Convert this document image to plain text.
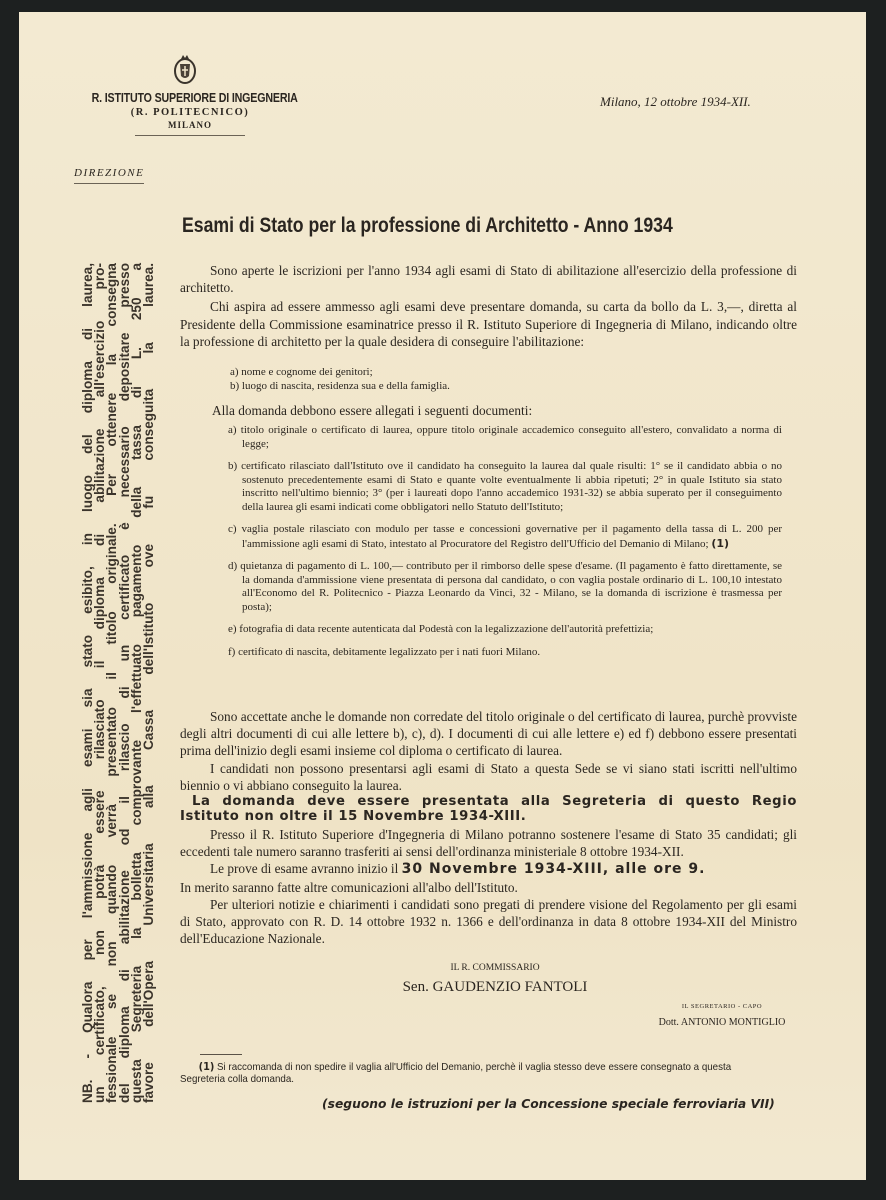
R. ISTITUTO SUPERIORE DI INGEGNERIA
(R. POLITECNICO)
MILANO
Milano, 12 ottobre 1934-XII.
DIREZIONE
Esami di Stato per la professione di Architetto - Anno 1934

Sono aperte le iscrizioni per l'anno 1934 agli esami di Stato di abilitazione all'esercizio della professione di architetto.

Chi aspira ad essere ammesso agli esami deve presentare domanda, su carta da bollo da L. 3,—, diretta al Presidente della Commissione esaminatrice presso il R. Istituto Superiore di Ingegneria di Milano, indicando oltre la professione di architetto per la quale desidera di conseguire l'abilitazione:

a) nome e cognome dei genitori;
b) luogo di nascita, residenza sua e della famiglia.
Alla domanda debbono essere allegati i seguenti documenti:
a) titolo originale o certificato di laurea, oppure titolo originale accademico conseguito all'estero, convalidato a norma di legge;
b) certificato rilasciato dall'Istituto ove il candidato ha conseguito la laurea dal quale risulti: 1° se il candidato abbia o no sostenuto precedentemente esami di Stato e quante volte eventualmente li abbia ripetuti; 2° in quale Istituto sia stato inscritto nell'ultimo biennio; 3° (per i laureati dopo l'anno accademico 1931-32) se abbia superato per il conseguimento della laurea gli esami indicati come obbligatori nello Statuto dell'Istituto;
c) vaglia postale rilasciato con modulo per tasse e concessioni governative per il pagamento della tassa di L. 200 per l'ammissione agli esami di Stato, intestato al Procuratore del Registro dell'Ufficio del Demanio di Milano; (1)
d) quietanza di pagamento di L. 100,— contributo per il rimborso delle spese d'esame. (Il pagamento è fatto direttamente, se la domanda d'ammissione viene presentata di persona dal candidato, o con vaglia postale ordinario di L. 100,10 intestato all'Economo del R. Politecnico - Piazza Leonardo da Vinci, 32 - Milano, se la domanda di iscrizione è trasmessa per posta);
e) fotografia di data recente autenticata dal Podestà con la legalizzazione dell'autorità prefettizia;
f) certificato di nascita, debitamente legalizzato per i nati fuori Milano.

Sono accettate anche le domande non corredate del titolo originale o del certificato di laurea, purchè provviste degli altri documenti di cui alle lettere b), c), d). I documenti di cui alle lettere e) ed f) debbono essere presentati prima dell'inizio degli esami insieme col diploma o certificato di laurea.

I candidati non possono presentarsi agli esami di Stato a questa Sede se vi siano stati iscritti nell'ultimo biennio o vi abbiano conseguito la laurea.

La domanda deve essere presentata alla Segreteria di questo Regio Istituto non oltre il 15 Novembre 1934-XIII.

Presso il R. Istituto Superiore d'Ingegneria di Milano potranno sostenere l'esame di Stato 35 candidati; gli eccedenti tale numero saranno trasferiti ai sensi dell'ordinanza ministeriale 8 ottobre 1934-XII.

Le prove di esame avranno inizio il 30 Novembre 1934-XIII, alle ore 9.

In merito saranno fatte altre comunicazioni all'albo dell'Istituto.

Per ulteriori notizie e chiarimenti i candidati sono pregati di prendere visione del Regolamento per gli esami di Stato, approvato con R. D. 14 ottobre 1932 n. 1366 e dell'ordinanza in data 8 ottobre 1934-XII del Ministro dell'Educazione Nazionale.

IL R. COMMISSARIO
Sen. GAUDENZIO FANTOLI
IL SEGRETARIO - CAPO
Dott. ANTONIO MONTIGLIO
(1) Si raccomanda di non spedire il vaglia all'Ufficio del Demanio, perchè il vaglia stesso deve essere consegnato a questa Segreteria colla domanda.
(seguono le istruzioni per la Concessione speciale ferroviaria VII)
NB. - Qualora per l'ammissione agli esami sia stato esibito, in luogo del diploma di laurea,
un certificato, non potrà essere rilasciato il diploma di abilitazione all'esercizio pro-
fessionale se non quando verrà presentato il titolo originale. Per ottenere la consegna
del diploma di abilitazione od il rilascio di un certificato è necessario depositare presso
questa Segreteria la bolletta comprovante l'effettuato pagamento della tassa di L. 250 a
favore dell'Opera Universitaria alla Cassa dell'Istituto ove fu conseguita la laurea.
